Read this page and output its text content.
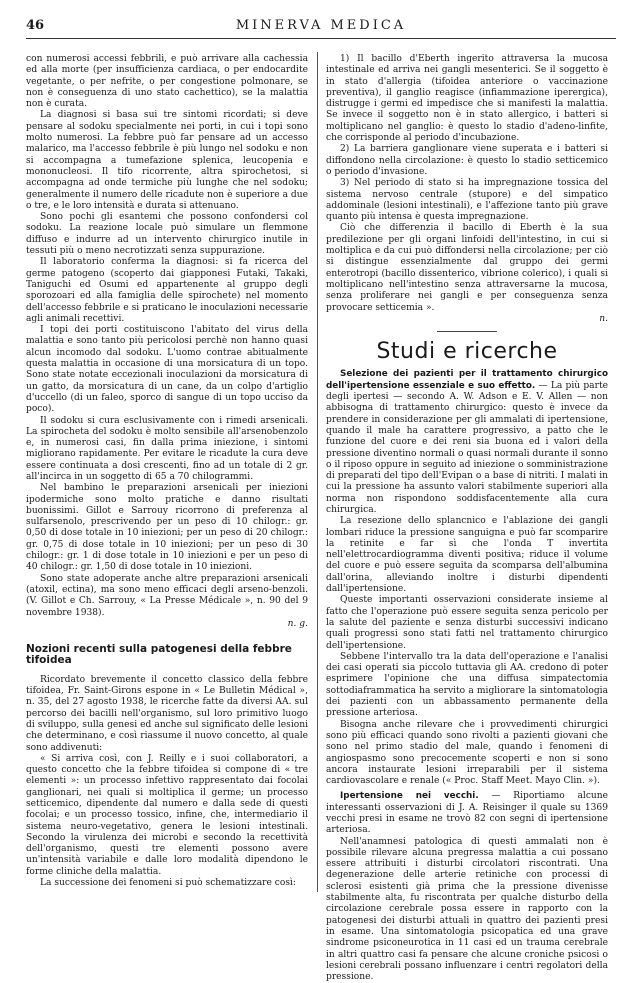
46	MINERVA MEDICA

con numerosi accessi febbrili, e può arrivare alla cachessia ed alla morte (per insufficienza cardiaca, o per endocardite vegetante, o per nefrite, o per congestione polmonare, se non è conseguenza di uno stato cachettico), se la malattia non è curata.

La diagnosi si basa sui tre sintomi ricordati; si deve pensare al sodoku specialmente nei porti, in cui i topi sono molto numerosi. La febbre può far pensare ad un accesso malarico, ma l'accesso febbrile è più lungo nel sodoku e non si accompagna a tumefazione splenica, leucopenia e mononucleosi. Il tifo ricorrente, altra spirochetosi, si accompagna ad onde termiche più lunghe che nel sodoku; generalmente il numero delle ricadute non è superiore a due o tre, e le loro intensità e durata si attenuano.

Sono pochi gli esantemi che possono confondersi col sodoku. La reazione locale può simulare un flemmone diffuso e indurre ad un intervento chirurgico inutile in tessuti più o meno necrotizzati senza suppurazione.

Il laboratorio conferma la diagnosi: si fa ricerca del germe patogeno (scoperto dai giapponesi Futaki, Takaki, Taniguchi ed Osumi ed appartenente al gruppo degli sporozoari ed alla famiglia delle spirochete) nel momento dell'accesso febbrile e si praticano le inoculazioni necessarie agli animali recettivi.

I topi dei porti costituiscono l'abitato del virus della malattia e sono tanto più pericolosi perchè non hanno quasi alcun incomodo dal sodoku. L'uomo contrae abitualmente questa malattia in occasione di una morsicatura di un topo. Sono state notate eccezionali inoculazioni da morsicatura di un gatto, da morsicatura di un cane, da un colpo d'artiglio d'uccello (di un faleo, sporco di sangue di un topo ucciso da poco).

Il sodoku si cura esclusivamente con i rimedi arsenicali. La spirocheta del sodoku è molto sensibile all'arsenobenzolo e, in numerosi casi, fin dalla prima iniezione, i sintomi migliorano rapidamente. Per evitare le ricadute la cura deve essere continuata a dosi crescenti, fino ad un totale di 2 gr. all'incirca in un soggetto di 65 a 70 chilogrammi.

Nel bambino le preparazioni arsenicali per iniezioni ipodermiche sono molto pratiche e danno risultati buonissimi. Gillot e Sarrouy ricorrono di preferenza al sulfarsenolo, prescrivendo per un peso di 10 chilogr.: gr. 0,50 di dose totale in 10 iniezioni; per un peso di 20 chilogr.: gr. 0,75 di dose totale in 10 iniezioni; per un peso di 30 chilogr.: gr. 1 di dose totale in 10 iniezioni e per un peso di 40 chilogr.: gr. 1,50 di dose totale in 10 iniezioni.

Sono state adoperate anche altre preparazioni arsenicali (atoxil, ectina), ma sono meno efficaci degli arseno-benzoli. (V. Gillot e Ch. Sarrouy, « La Presse Médicale », n. 90 del 9 novembre 1938).

n. g.
Nozioni recenti sulla patogenesi della febbre tifoidea

Ricordato brevemente il concetto classico della febbre tifoidea, Fr. Saint-Girons espone in « Le Bulletin Médical », n. 35, del 27 agosto 1938, le ricerche fatte da diversi AA. sul percorso dei bacilli nell'organismo, sul loro primitivo luogo di sviluppo, sulla genesi ed anche sul significato delle lesioni che determinano, e così riassume il nuovo concetto, al quale sono addivenuti:

« Si arriva così, con J. Reilly e i suoi collaboratori, a questo concetto che la febbre tifoidea si compone di « tre elementi »: un processo infettivo rappresentato dai focolai ganglionari, nei quali si moltiplica il germe; un processo setticemico, dipendente dal numero e dalla sede di questi focolai; e un processo tossico, infine, che, intermediario il sistema neuro-vegetativo, genera le lesioni intestinali. Secondo la virulenza dei microbi e secondo la recettività dell'organismo, questi tre elementi possono avere un'intensità variabile e dalle loro modalità dipendono le forme cliniche della malattia.

La successione dei fenomeni si può schematizzare così:

1) Il bacillo d'Eberth ingerito attraversa la mucosa intestinale ed arriva nei gangli mesenterici. Se il soggetto è in stato d'allergia (tifoidea anteriore o vaccinazione preventiva), il ganglio reagisce (infiammazione iperergica), distrugge i germi ed impedisce che si manifesti la malattia. Se invece il soggetto non è in stato allergico, i batteri si moltiplicano nel ganglio: è questo lo stadio d'adeno-linfite, che corrisponde al periodo d'incubazione.

2) La barriera ganglionare viene superata e i batteri si diffondono nella circolazione: è questo lo stadio setticemico o periodo d'invasione.

3) Nel periodo di stato si ha impregnazione tossica del sistema nervoso centrale (stupore) e del simpatico addominale (lesioni intestinali), e l'affezione tanto più grave quanto più intensa è questa impregnazione.

Ciò che differenzia il bacillo di Eberth è la sua predilezione per gli organi linfoidi dell'intestino, in cui si moltiplica e da cui può diffondersi nella circolazione; per ciò si distingue essenzialmente dal gruppo dei germi enterotropi (bacillo dissenterico, vibrione colerico), i quali si moltiplicano nell'intestino senza attraversarne la mucosa, senza proliferare nei gangli e per conseguenza senza provocare setticemia ».

n.
Studi e ricerche

Selezione dei pazienti per il trattamento chirurgico dell'ipertensione essenziale e suo effetto. — La più parte degli ipertesi — secondo A. W. Adson e E. V. Allen — non abbisogna di trattamento chirurgico: questo è invece da prendere in considerazione per gli ammalati di ipertensione, quando il male ha carattere progressivo, a patto che le funzione del cuore e dei reni sia buona ed i valori della pressione diventino normali o quasi normali durante il sonno o il riposo oppure in seguito ad iniezione o somministrazione di preparati del tipo dell'Evipan o a base di nitriti. I malati in cui la pressione ha assunto valori stabilmente superiori alla norma non rispondono soddisfacentemente alla cura chirurgica.

La resezione dello splancnico e l'ablazione dei gangli lombari riduce la pressione sanguigna e può far scomparire la retinite e far sì che l'onda T invertita nell'elettrocardiogramma diventi positiva; riduce il volume del cuore e può essere seguita da scomparsa dell'albumina dall'orina, alleviando inoltre i disturbi dipendenti dall'ipertensione.

Queste importanti osservazioni considerate insieme al fatto che l'operazione può essere seguita senza pericolo per la salute del paziente e senza disturbi successivi indicano quali progressi sono stati fatti nel trattamento chirurgico dell'ipertensione.

Sebbene l'intervallo tra la data dell'operazione e l'analisi dei casi operati sia piccolo tuttavia gli AA. credono di poter esprimere l'opinione che una diffusa simpatectomia sottodiaframmatica ha servito a migliorare la sintomatologia dei pazienti con un abbassamento permanente della pressione arteriosa.

Bisogna anche rilevare che i provvedimenti chirurgici sono più efficaci quando sono rivolti a pazienti giovani che sono nel primo stadio del male, quando i fenomeni di angiospasmo sono precocemente scoperti e non si sono ancora instaurate lesioni irreparabili per il sistema cardiovascolare e renale (« Proc. Staff Meet. Mayo Clin. »).

Ipertensione nei vecchi. — Riportiamo alcune interessanti osservazioni di J. A. Reisinger il quale su 1369 vecchi presi in esame ne trovò 82 con segni di ipertensione arteriosa.

Nell'anamnesi patologica di questi ammalati non è possibile rilevare alcuna pregressa malattia a cui possano essere attribuiti i disturbi circolatori riscontrati. Una degenerazione delle arterie retiniche con processi di sclerosi esistenti già prima che la pressione divenisse stabilmente alta, fu riscontrata per qualche disturbo della circolazione cerebrale possa essere in rapporto con la patogenesi dei disturbi attuali in quattro dei pazienti presi in esame. Una sintomatologia psicopatica ed una grave sindrome psiconeurotica in 11 casi ed un trauma cerebrale in altri quattro casi fa pensare che alcune croniche psicosi o lesioni cerebrali possano influenzare i centri regolatori della pressione.
